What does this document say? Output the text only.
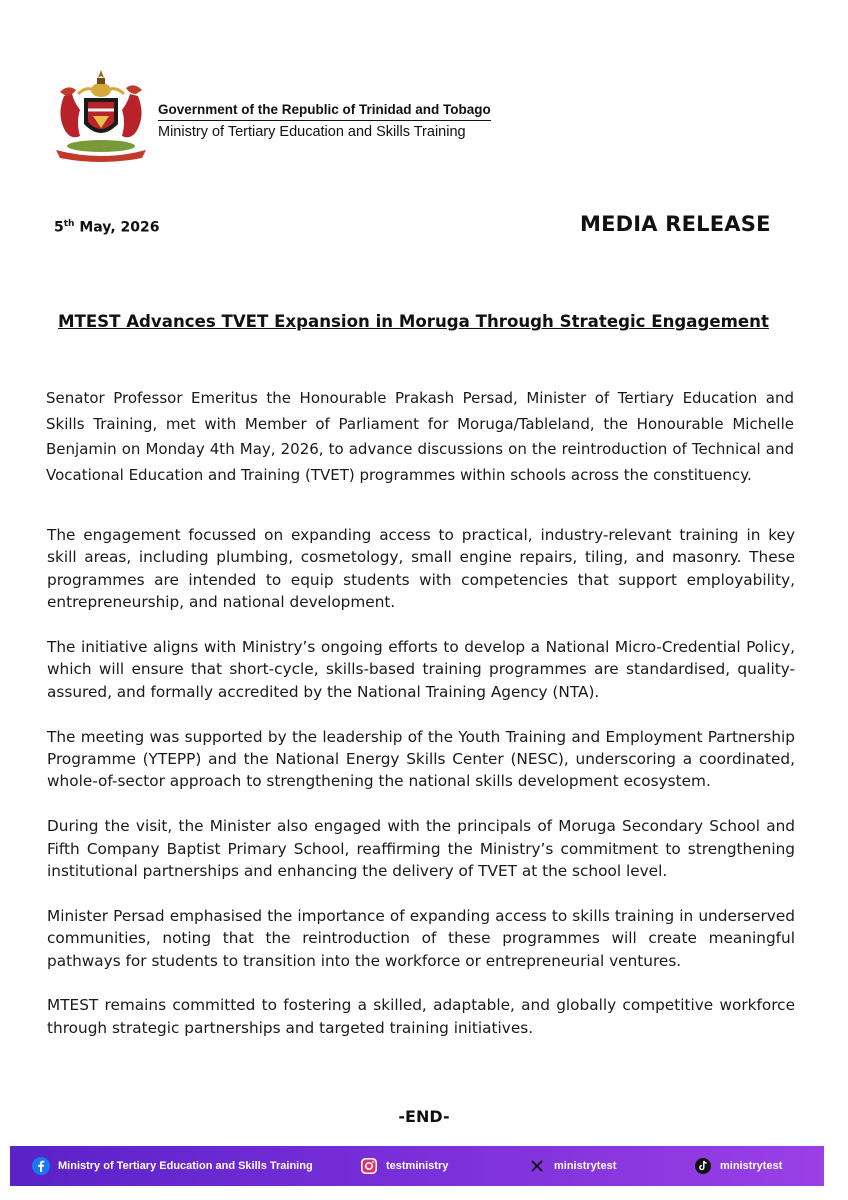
Government of the Republic of Trinidad and Tobago
Ministry of Tertiary Education and Skills Training
5th May, 2026	MEDIA RELEASE
MTEST Advances TVET Expansion in Moruga Through Strategic Engagement
Senator Professor Emeritus the Honourable Prakash Persad, Minister of Tertiary Education and Skills Training, met with Member of Parliament for Moruga/Tableland, the Honourable Michelle Benjamin on Monday 4th May, 2026, to advance discussions on the reintroduction of Technical and Vocational Education and Training (TVET) programmes within schools across the constituency.

The engagement focussed on expanding access to practical, industry-relevant training in key skill areas, including plumbing, cosmetology, small engine repairs, tiling, and masonry. These programmes are intended to equip students with competencies that support employability, entrepreneurship, and national development.

The initiative aligns with Ministry’s ongoing efforts to develop a National Micro-Credential Policy, which will ensure that short-cycle, skills-based training programmes are standardised, quality-assured, and formally accredited by the National Training Agency (NTA).

The meeting was supported by the leadership of the Youth Training and Employment Partnership Programme (YTEPP) and the National Energy Skills Center (NESC), underscoring a coordinated, whole-of-sector approach to strengthening the national skills development ecosystem.

During the visit, the Minister also engaged with the principals of Moruga Secondary School and Fifth Company Baptist Primary School, reaffirming the Ministry’s commitment to strengthening institutional partnerships and enhancing the delivery of TVET at the school level.

Minister Persad emphasised the importance of expanding access to skills training in underserved communities, noting that the reintroduction of these programmes will create meaningful pathways for students to transition into the workforce or entrepreneurial ventures.

MTEST remains committed to fostering a skilled, adaptable, and globally competitive workforce through strategic partnerships and targeted training initiatives.

-END-
Ministry of Tertiary Education and Skills Training	testministry	ministrytest	ministrytest
